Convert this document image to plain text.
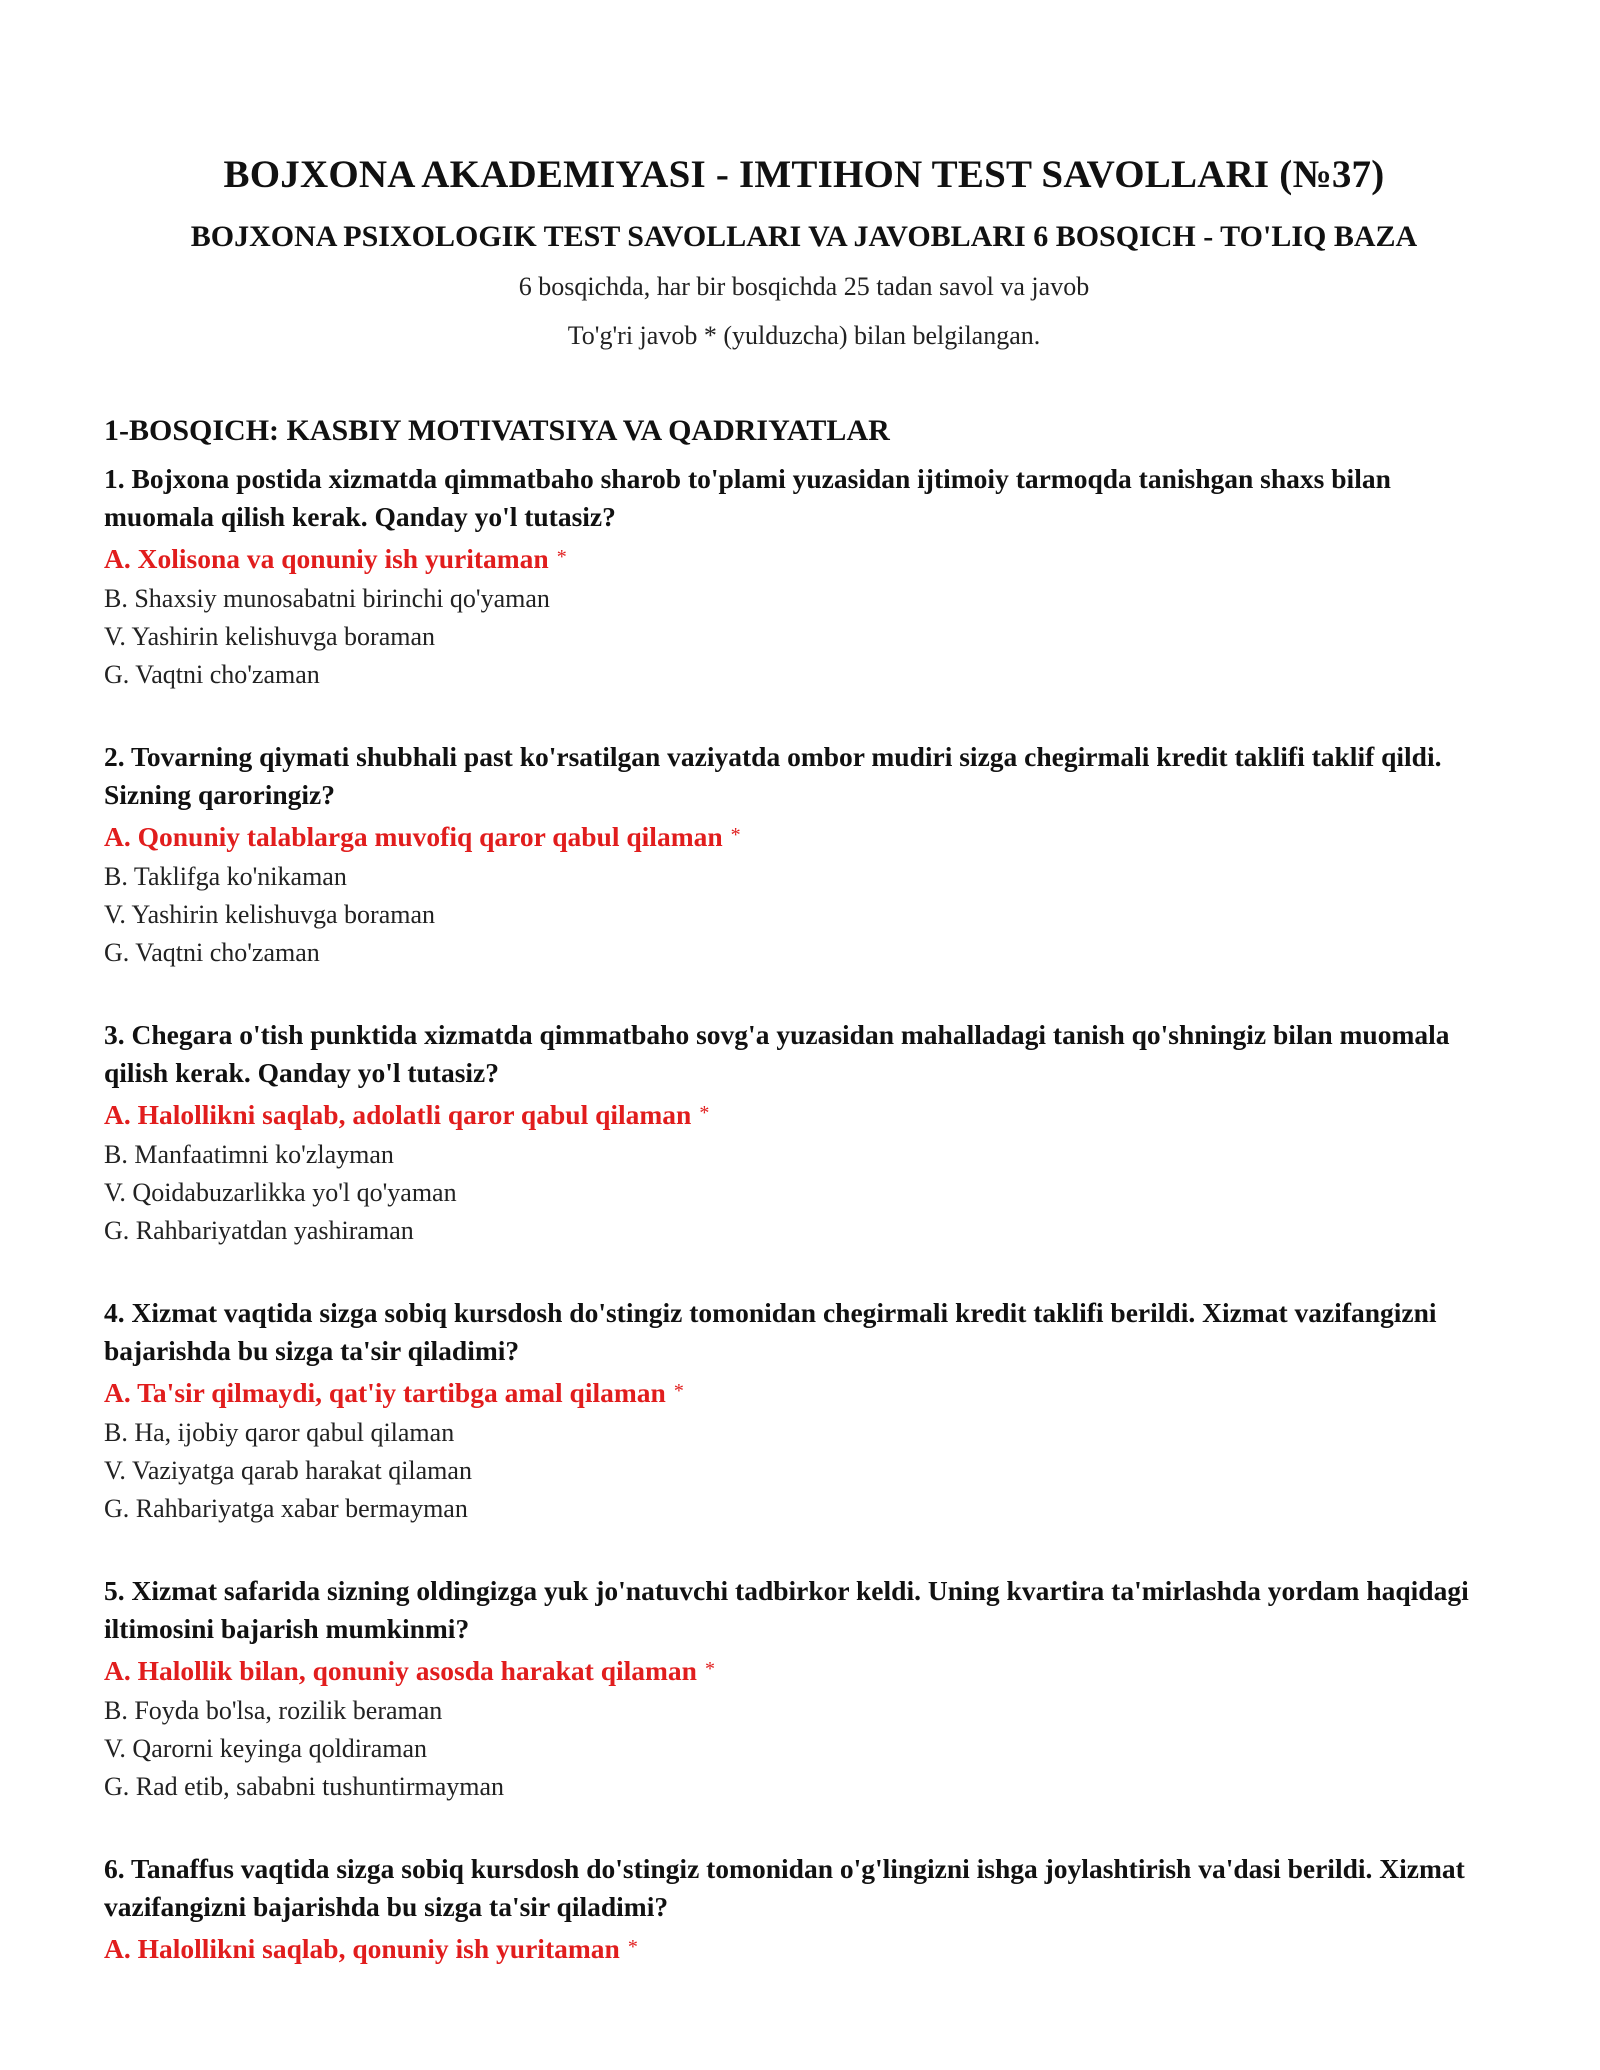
BOJXONA AKADEMIYASI - IMTIHON TEST SAVOLLARI (№37)

BOJXONA PSIXOLOGIK TEST SAVOLLARI VA JAVOBLARI 6 BOSQICH - TO'LIQ BAZA

6 bosqichda, har bir bosqichda 25 tadan savol va javob

To'g'ri javob * (yulduzcha) bilan belgilangan.

1-BOSQICH: KASBIY MOTIVATSIYA VA QADRIYATLAR

1. Bojxona postida xizmatda qimmatbaho sharob to'plami yuzasidan ijtimoiy tarmoqda tanishgan shaxs bilan muomala qilish kerak. Qanday yo'l tutasiz?

A. Xolisona va qonuniy ish yuritaman *

B. Shaxsiy munosabatni birinchi qo'yaman

V. Yashirin kelishuvga boraman

G. Vaqtni cho'zaman

2. Tovarning qiymati shubhali past ko'rsatilgan vaziyatda ombor mudiri sizga chegirmali kredit taklifi taklif qildi. Sizning qaroringiz?

A. Qonuniy talablarga muvofiq qaror qabul qilaman *

B. Taklifga ko'nikaman

V. Yashirin kelishuvga boraman

G. Vaqtni cho'zaman

3. Chegara o'tish punktida xizmatda qimmatbaho sovg'a yuzasidan mahalladagi tanish qo'shningiz bilan muomala qilish kerak. Qanday yo'l tutasiz?

A. Halollikni saqlab, adolatli qaror qabul qilaman *

B. Manfaatimni ko'zlayman

V. Qoidabuzarlikka yo'l qo'yaman

G. Rahbariyatdan yashiraman

4. Xizmat vaqtida sizga sobiq kursdosh do'stingiz tomonidan chegirmali kredit taklifi berildi. Xizmat vazifangizni bajarishda bu sizga ta'sir qiladimi?

A. Ta'sir qilmaydi, qat'iy tartibga amal qilaman *

B. Ha, ijobiy qaror qabul qilaman

V. Vaziyatga qarab harakat qilaman

G. Rahbariyatga xabar bermayman

5. Xizmat safarida sizning oldingizga yuk jo'natuvchi tadbirkor keldi. Uning kvartira ta'mirlashda yordam haqidagi iltimosini bajarish mumkinmi?

A. Halollik bilan, qonuniy asosda harakat qilaman *

B. Foyda bo'lsa, rozilik beraman

V. Qarorni keyinga qoldiraman

G. Rad etib, sababni tushuntirmayman

6. Tanaffus vaqtida sizga sobiq kursdosh do'stingiz tomonidan o'g'lingizni ishga joylashtirish va'dasi berildi. Xizmat vazifangizni bajarishda bu sizga ta'sir qiladimi?

A. Halollikni saqlab, qonuniy ish yuritaman *
